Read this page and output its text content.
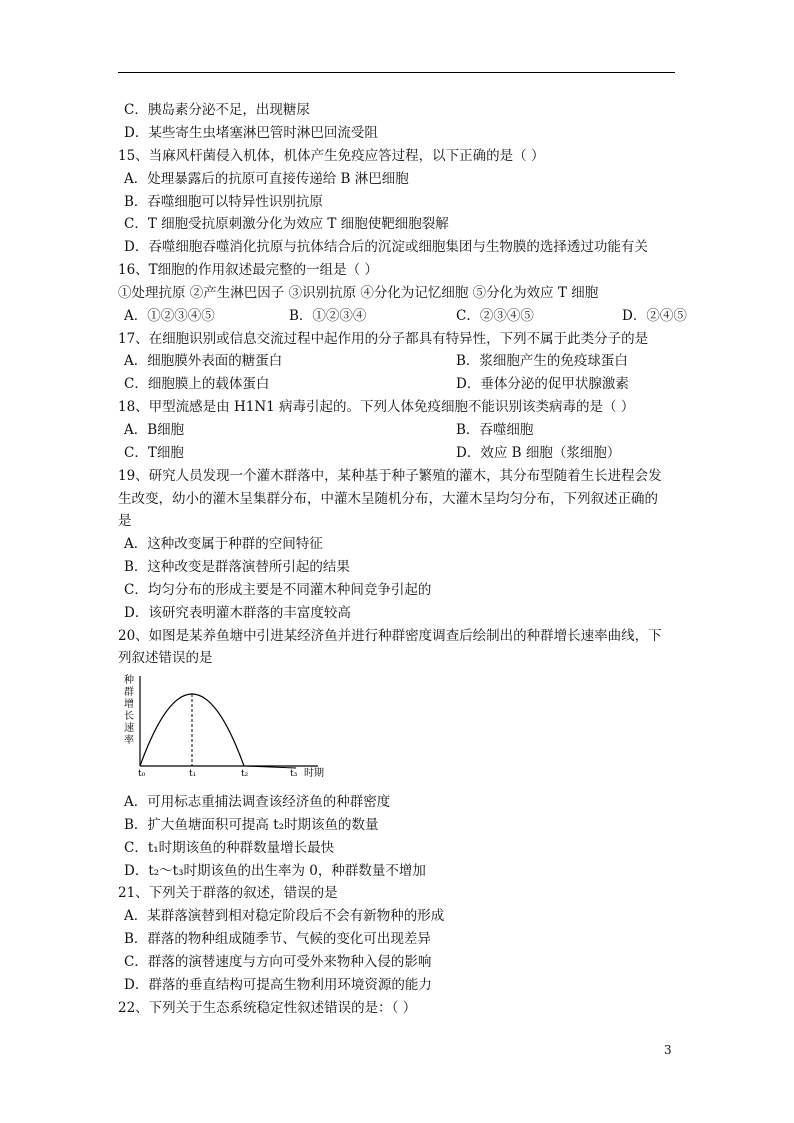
C．胰岛素分泌不足，出现糖尿
D．某些寄生虫堵塞淋巴管时淋巴回流受阻
15、当麻风杆菌侵入机体，机体产生免疫应答过程，以下正确的是（ ）
A．处理暴露后的抗原可直接传递给 B 淋巴细胞
B．吞噬细胞可以特异性识别抗原
C．T 细胞受抗原刺激分化为效应 T 细胞使靶细胞裂解
D．吞噬细胞吞噬消化抗原与抗体结合后的沉淀或细胞集团与生物膜的选择透过功能有关
16、T细胞的作用叙述最完整的一组是（ ）
①处理抗原 ②产生淋巴因子 ③识别抗原 ④分化为记忆细胞 ⑤分化为效应 T 细胞
A．①②③④⑤	B．①②③④	C．②③④⑤	D．②④⑤
17、在细胞识别或信息交流过程中起作用的分子都具有特异性，下列不属于此类分子的是
A．细胞膜外表面的糖蛋白	B．浆细胞产生的免疫球蛋白
C．细胞膜上的载体蛋白	D．垂体分泌的促甲状腺激素
18、甲型流感是由 H1N1 病毒引起的。下列人体免疫细胞不能识别该类病毒的是（ ）
A．B细胞	B．吞噬细胞
C．T细胞	D．效应 B 细胞（浆细胞）
19、研究人员发现一个灌木群落中，某种基于种子繁殖的灌木，其分布型随着生长进程会发
生改变，幼小的灌木呈集群分布，中灌木呈随机分布，大灌木呈均匀分布，下列叙述正确的
是
A．这种改变属于种群的空间特征
B．这种改变是群落演替所引起的结果
C．均匀分布的形成主要是不同灌木种间竞争引起的
D．该研究表明灌木群落的丰富度较高
20、如图是某养鱼塘中引进某经济鱼并进行种群密度调查后绘制出的种群增长速率曲线，下
列叙述错误的是
种
群
增
长
速
率
t₀	t₁	t₂	t₃ 时期
A．可用标志重捕法调查该经济鱼的种群密度
B．扩大鱼塘面积可提高 t₂时期该鱼的数量
C．t₁时期该鱼的种群数量增长最快
D．t₂～t₃时期该鱼的出生率为 0，种群数量不增加
21、下列关于群落的叙述，错误的是
A．某群落演替到相对稳定阶段后不会有新物种的形成
B．群落的物种组成随季节、气候的变化可出现差异
C．群落的演替速度与方向可受外来物种入侵的影响
D．群落的垂直结构可提高生物利用环境资源的能力
22、下列关于生态系统稳定性叙述错误的是：（ ）
3
